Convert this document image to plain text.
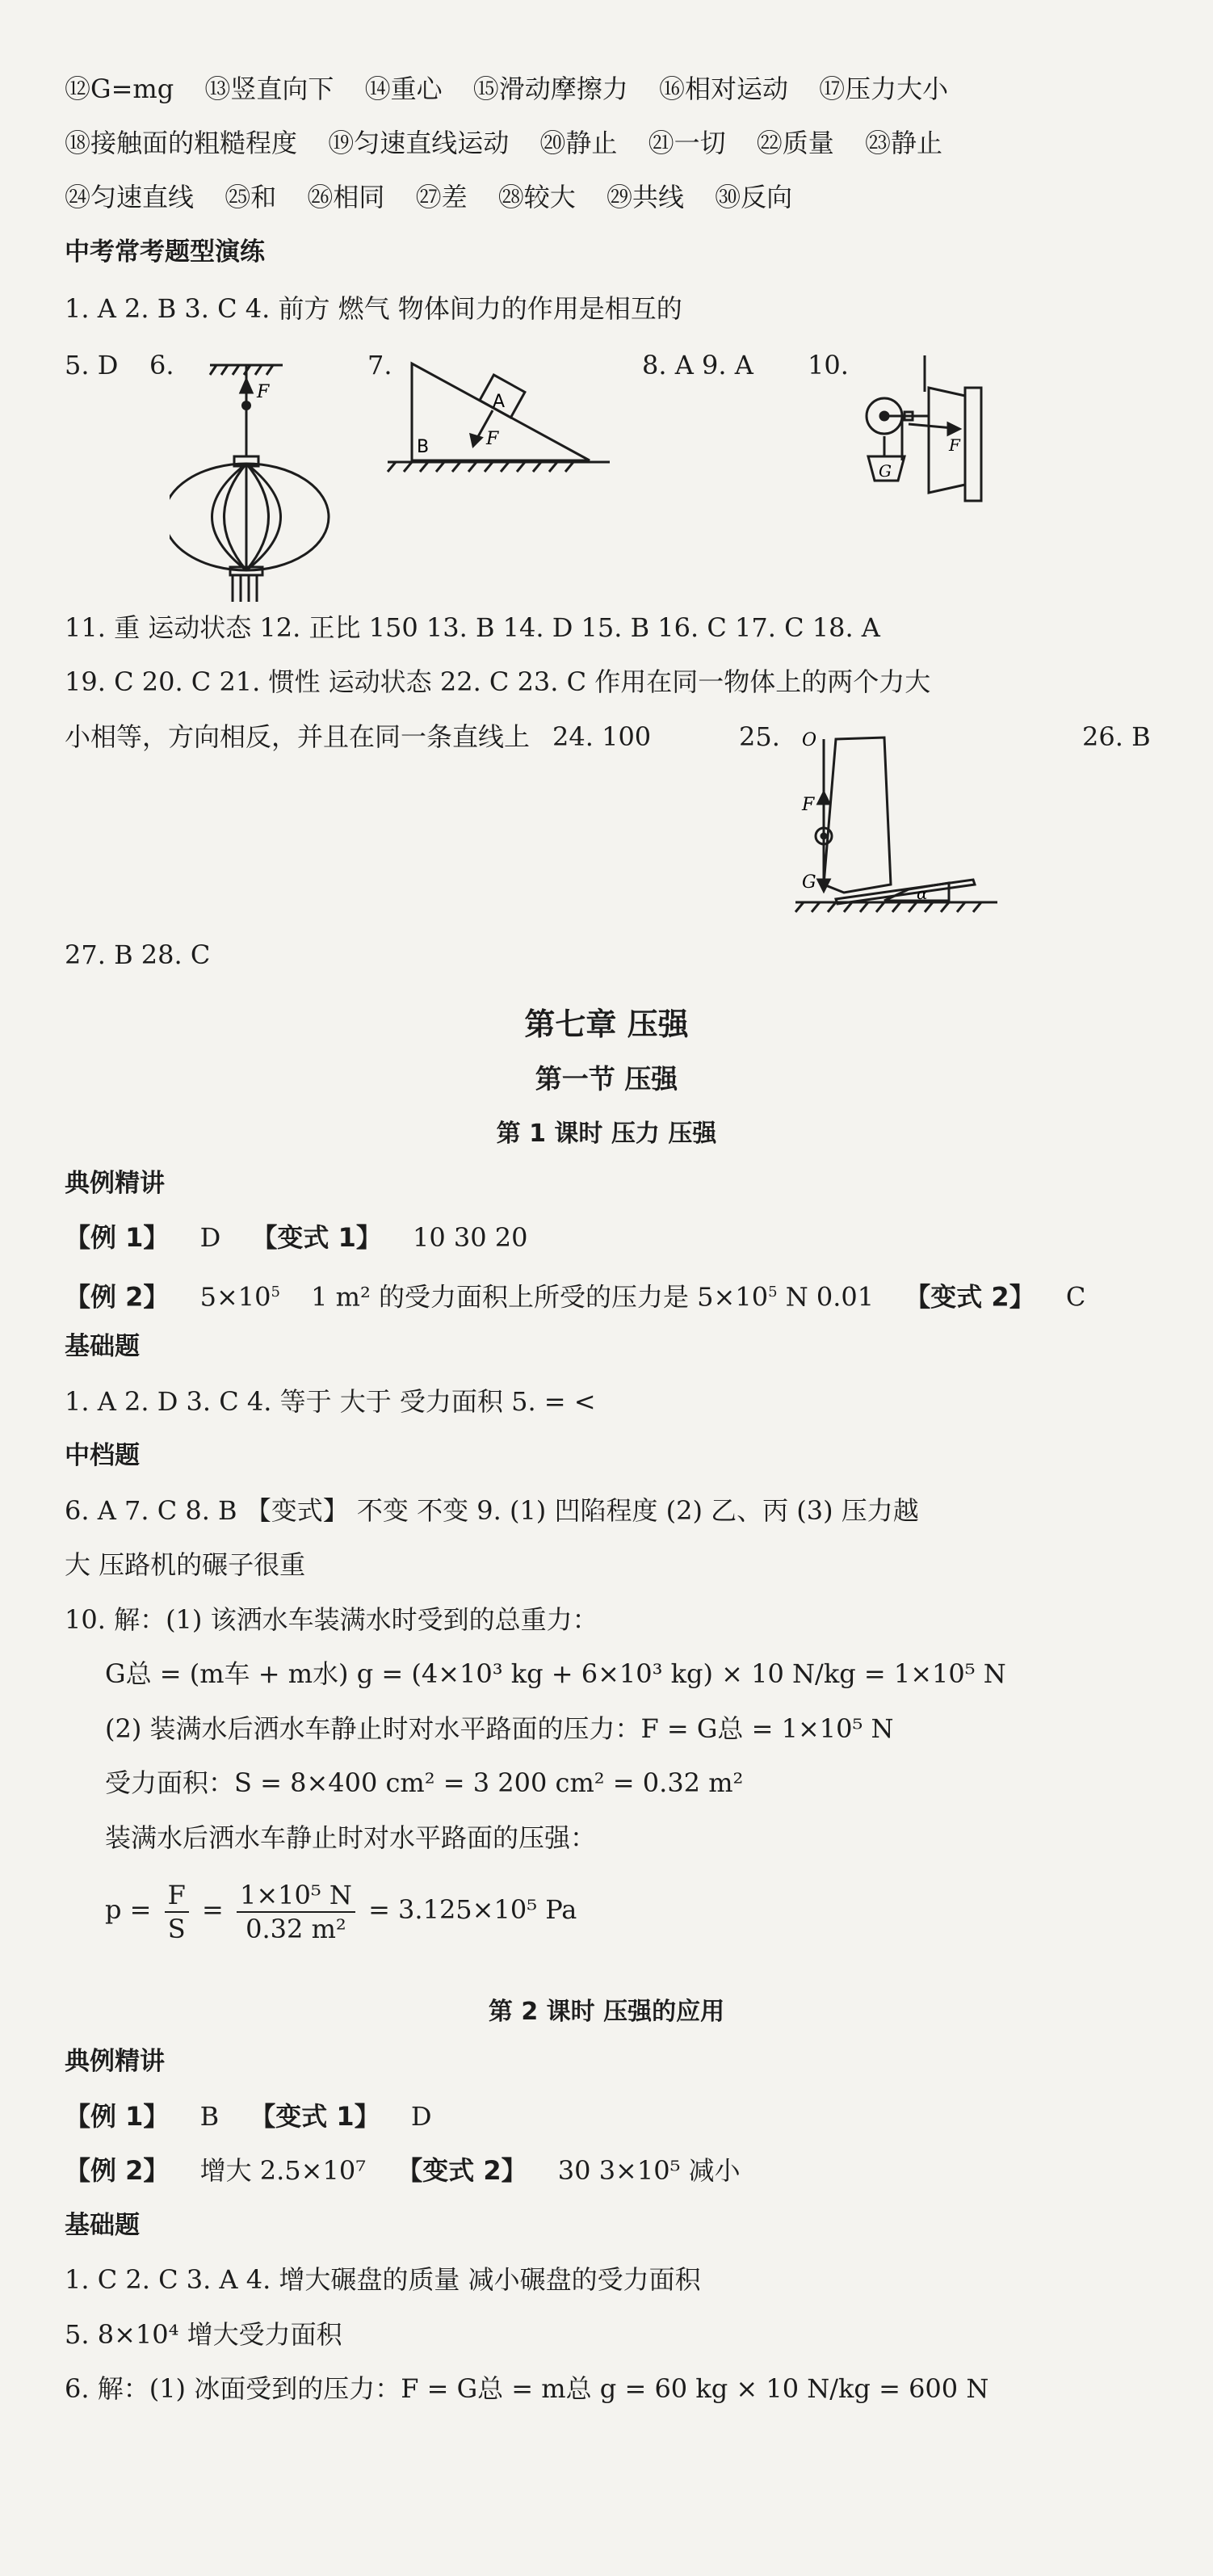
⑫G=mg ⑬竖直向下 ⑭重心 ⑮滑动摩擦力 ⑯相对运动 ⑰压力大小
⑱接触面的粗糙程度 ⑲匀速直线运动 ⑳静止 ㉑一切 ㉒质量 ㉓静止
㉔匀速直线 ㉕和 ㉖相同 ㉗差 ㉘较大 ㉙共线 ㉚反向
中考常考题型演练
1. A 2. B 3. C 4. 前方 燃气 物体间力的作用是相互的
5. D 6.
F
7.
A
B	F
8. A 9. A 10.
F
G
11. 重 运动状态 12. 正比 150 13. B 14. D 15. B 16. C 17. C 18. A
19. C 20. C 21. 惯性 运动状态 22. C 23. C 作用在同一物体上的两个力大
小相等，方向相反，并且在同一条直线上 24. 100	25.	26. B
O
F
G
α
27. B 28. C
第七章 压强
第一节 压强
第 1 课时 压力 压强
典例精讲
【例 1】 D 【变式 1】 10 30 20
【例 2】 $5\times 10^5$ 1 m² 的受力面积上所受的压力是 $5\times 10^5$ N 0.01 【变式 2】 C
基础题
1. A 2. D 3. C 4. 等于 大于 受力面积 5. = <
中档题
6. A 7. C 8. B 【变式】 不变 不变 9. (1) 凹陷程度 (2) 乙、丙 (3) 压力越
大 压路机的碾子很重
10. 解：(1) 该洒水车装满水时受到的总重力：
G总 = (m车 + m水) g = (4×10³ kg + 6×10³ kg) × 10 N/kg = 1×10⁵ N
(2) 装满水后洒水车静止时对水平路面的压力：F = G总 = 1×10⁵ N
受力面积：S = 8×400 cm² = 3 200 cm² = 0.32 m²
装满水后洒水车静止时对水平路面的压强：
$p = \frac{F}{S} = \frac{\text{1×10⁵ N}}{\text{0.32 m²}} = 3.125\times 10^5$ Pa
第 2 课时 压强的应用
典例精讲
【例 1】 B 【变式 1】 D
【例 2】 增大 2.5×10⁷ 【变式 2】 30 3×10⁵ 减小
基础题
1. C 2. C 3. A 4. 增大碾盘的质量 减小碾盘的受力面积
5. 8×10⁴ 增大受力面积
6. 解：(1) 冰面受到的压力：F = G总 = m总 g = 60 kg × 10 N/kg = 600 N
